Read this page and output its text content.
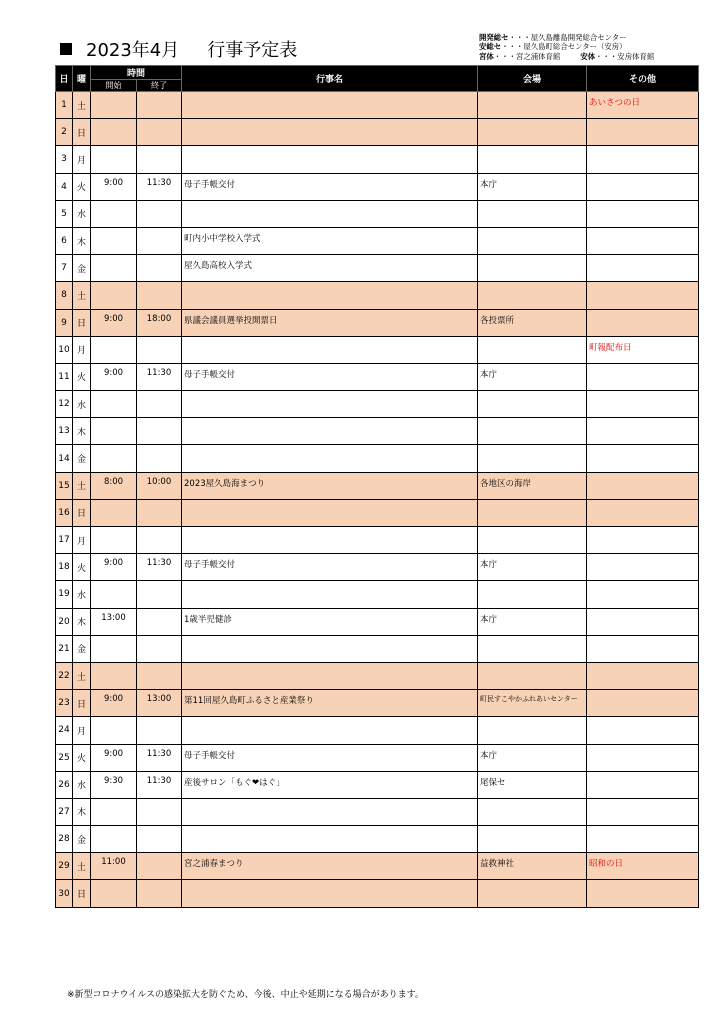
2023年4月 行事予定表
開発総セ・・・屋久島離島開発総合センター
安総セ・・・屋久島町総合センター（安房）
宮体・・・宮之浦体育館	安体・・・安房体育館
日	曜	時間		行事名	会場	その他
		開始	終了			
1	土					あいさつの日
2	日					
3	月					
4	火	9:00	11:30	母子手帳交付	本庁	
5	水					
6	木			町内小中学校入学式		
7	金			屋久島高校入学式		
8	土					
9	日	9:00	18:00	県議会議員選挙投開票日	各投票所	
10	月					町報配布日
11	火	9:00	11:30	母子手帳交付	本庁	
12	水					
13	木					
14	金					
15	土	8:00	10:00	2023屋久島海まつり	各地区の海岸	
16	日					
17	月					
18	火	9:00	11:30	母子手帳交付	本庁	
19	水					
20	木	13:00		1歳半児健診	本庁	
21	金					
22	土					
23	日	9:00	13:00	第11回屋久島町ふるさと産業祭り	町民すこやかふれあいセンター	
24	月					
25	火	9:00	11:30	母子手帳交付	本庁	
26	水	9:30	11:30	産後サロン「もぐ❤はぐ」	尾保セ	
27	木					
28	金					
29	土	11:00		宮之浦春まつり	益救神社	昭和の日
30	日					
※新型コロナウイルスの感染拡大を防ぐため、今後、中止や延期になる場合があります。
